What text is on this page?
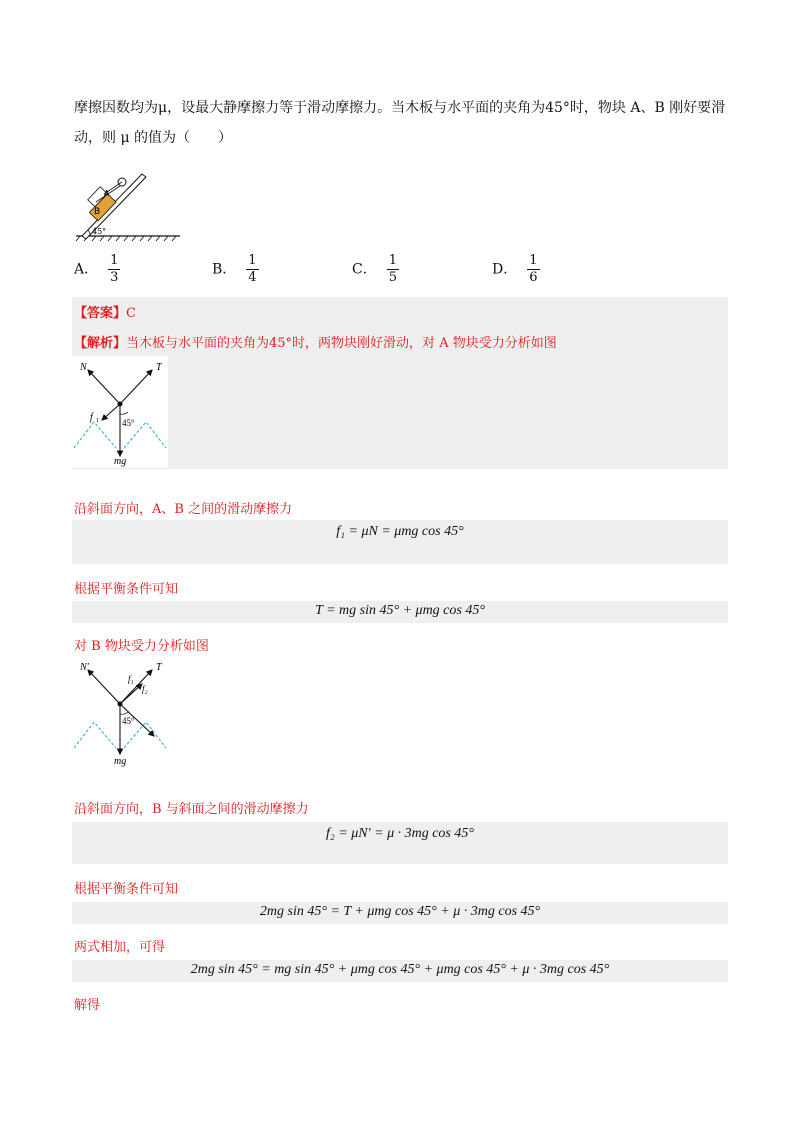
摩擦因数均为μ，设最大静摩擦力等于滑动摩擦力。当木板与水平面的夹角为45°时，物块 A、B 刚好要滑
动，则 μ 的值为（　　）
B
A
45°
A． $\frac{1}{3}$	B． $\frac{1}{4}$	C． $\frac{1}{5}$	D． $\frac{1}{6}$
【答案】C
【解析】当木板与水平面的夹角为45°时，两物块刚好滑动，对 A 物块受力分析如图
N	T
f 1	45°
mg
沿斜面方向，A、B 之间的滑动摩擦力
f₁ = μN = μmg cos 45°
根据平衡条件可知
T = mg sin 45° + μmg cos 45°
对 B 物块受力分析如图
N′	T
f₁
f₂
45°
mg
沿斜面方向，B 与斜面之间的滑动摩擦力
f₂ = μN′ = μ · 3mg cos 45°
根据平衡条件可知
2mg sin 45° = T + μmg cos 45° + μ · 3mg cos 45°
两式相加，可得
2mg sin 45° = mg sin 45° + μmg cos 45° + μmg cos 45° + μ · 3mg cos 45°
解得
